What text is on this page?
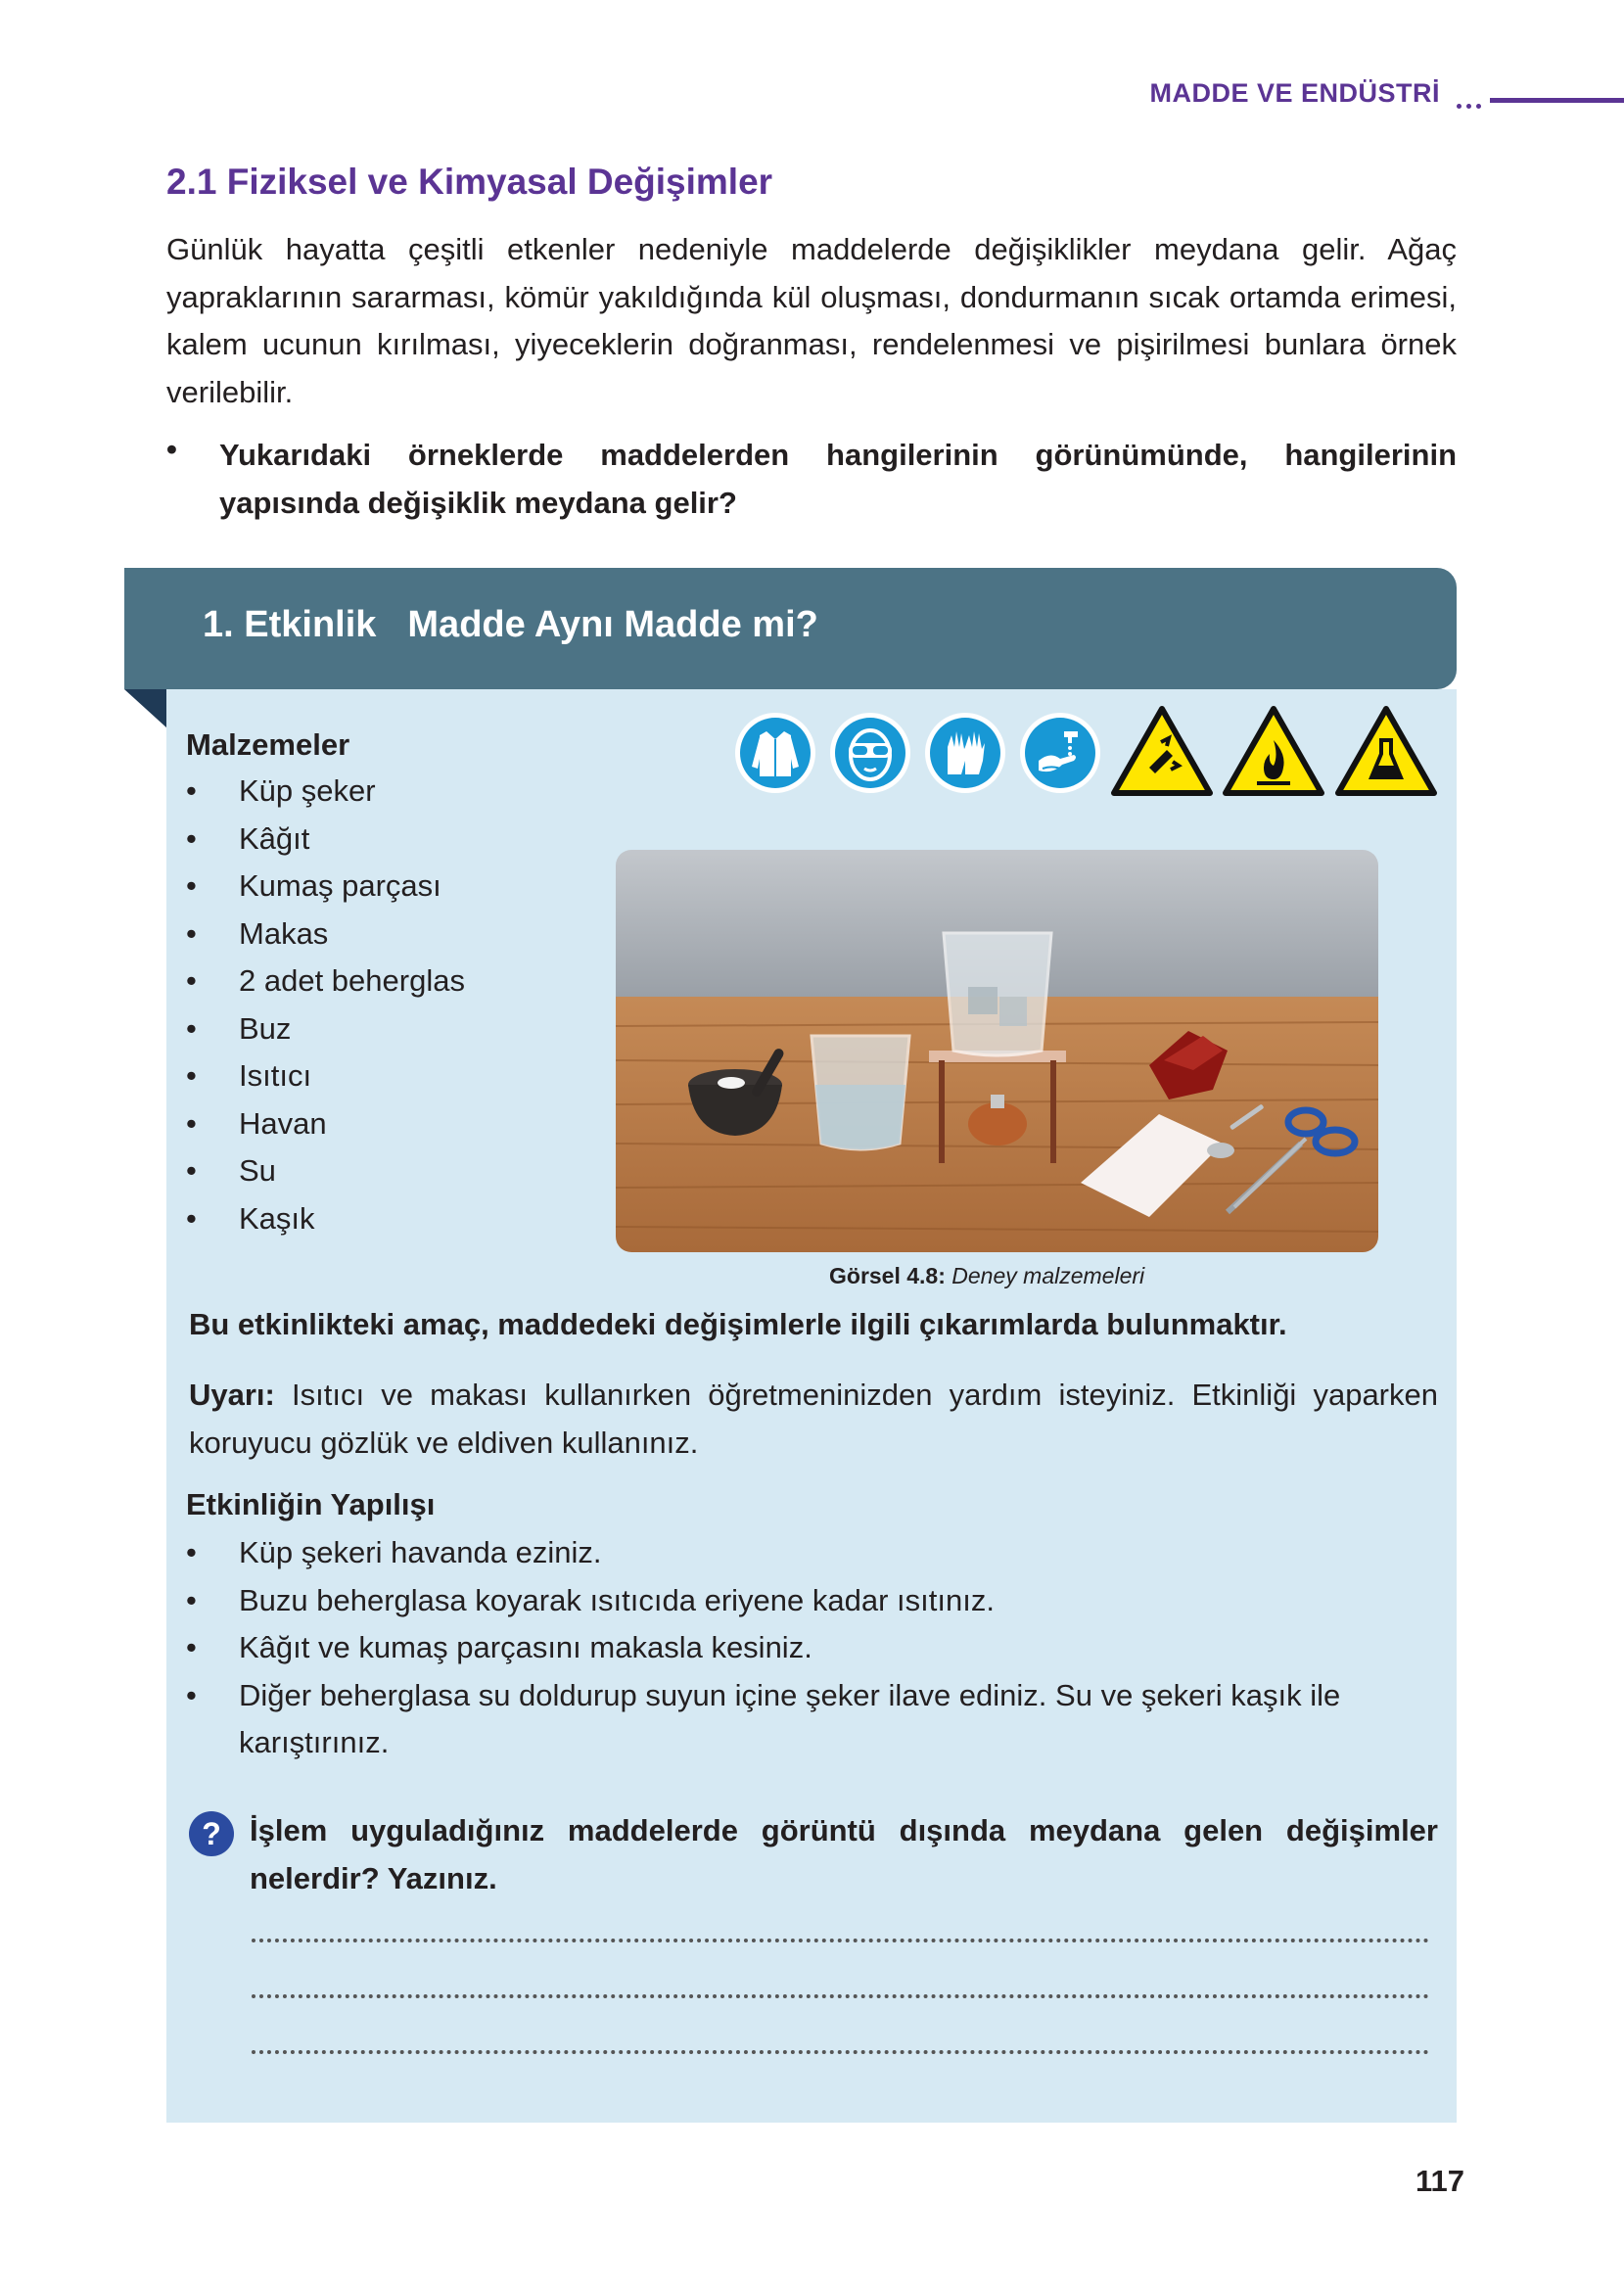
MADDE VE ENDÜSTRİ
2.1 Fiziksel ve Kimyasal Değişimler
Günlük hayatta çeşitli etkenler nedeniyle maddelerde değişiklikler meydana gelir. Ağaç yapraklarının sararması, kömür yakıldığında kül oluşması, dondurmanın sıcak ortamda erimesi, kalem ucunun kırılması, yiyeceklerin doğranması, rendelenmesi ve pişirilmesi bunlara örnek verilebilir.
• Yukarıdaki örneklerde maddelerden hangilerinin görünümünde, hangilerinin yapısında değişiklik meydana gelir?
1. Etkinlik Madde Aynı Madde mi?
Malzemeler
• Küp şeker
• Kâğıt
• Kumaş parçası
• Makas
• 2 adet beherglas
• Buz
• Isıtıcı
• Havan
• Su
• Kaşık
Görsel 4.8: Deney malzemeleri
Bu etkinlikteki amaç, maddedeki değişimlerle ilgili çıkarımlarda bulunmaktır.
Uyarı: Isıtıcı ve makası kullanırken öğretmeninizden yardım isteyiniz. Etkinliği yaparken koruyucu gözlük ve eldiven kullanınız.
Etkinliğin Yapılışı
• Küp şekeri havanda eziniz.
• Buzu beherglasa koyarak ısıtıcıda eriyene kadar ısıtınız.
• Kâğıt ve kumaş parçasını makasla kesiniz.
• Diğer beherglasa su doldurup suyun içine şeker ilave ediniz. Su ve şekeri kaşık ile karıştırınız.
? İşlem uyguladığınız maddelerde görüntü dışında meydana gelen değişimler nelerdir? Yazınız.
117
